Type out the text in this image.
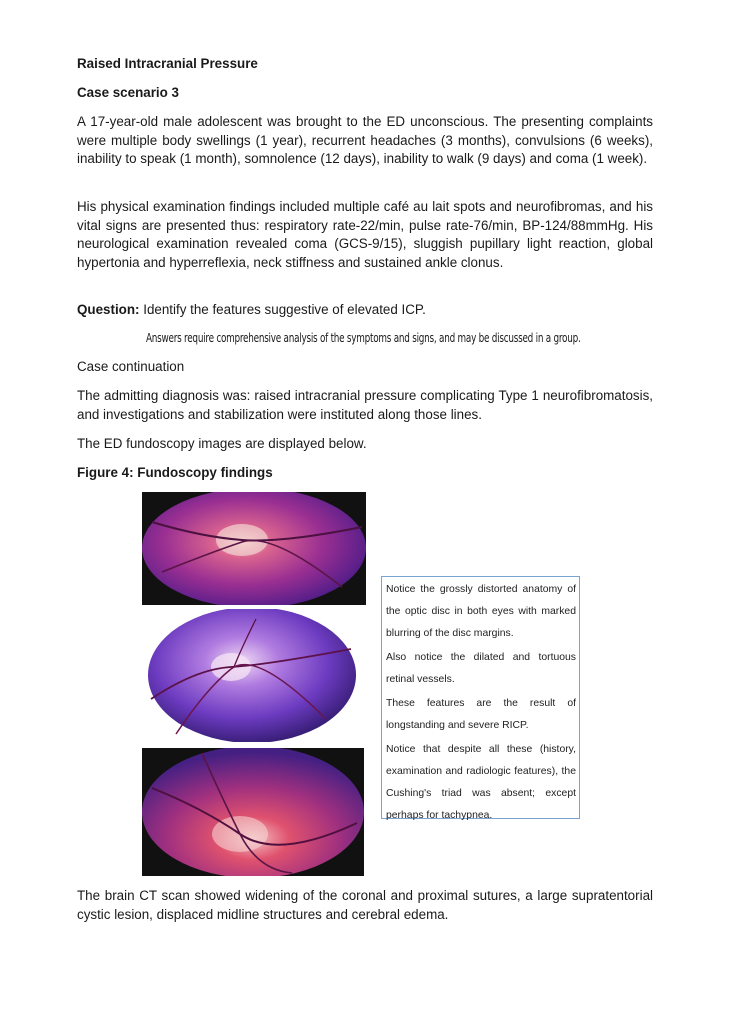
Raised Intracranial Pressure

Case scenario 3

A 17-year-old male adolescent was brought to the ED unconscious. The presenting complaints were multiple body swellings (1 year), recurrent headaches (3 months), convulsions (6 weeks), inability to speak (1 month), somnolence (12 days), inability to walk (9 days) and coma (1 week).

His physical examination findings included multiple café au lait spots and neurofibromas, and his vital signs are presented thus: respiratory rate-22/min, pulse rate-76/min, BP-124/88mmHg. His neurological examination revealed coma (GCS-9/15), sluggish pupillary light reaction, global hypertonia and hyperreflexia, neck stiffness and sustained ankle clonus.

Question: Identify the features suggestive of elevated ICP.

Answers require comprehensive analysis of the symptoms and signs, and may be discussed in a group.

Case continuation

The admitting diagnosis was: raised intracranial pressure complicating Type 1 neurofibromatosis, and investigations and stabilization were instituted along those lines.

The ED fundoscopy images are displayed below.

Figure 4: Fundoscopy findings

Notice the grossly distorted anatomy of the optic disc in both eyes with marked blurring of the disc margins.

Also notice the dilated and tortuous retinal vessels.

These features are the result of longstanding and severe RICP.

Notice that despite all these (history, examination and radiologic features), the Cushing's triad was absent; except perhaps for tachypnea.

The brain CT scan showed widening of the coronal and proximal sutures, a large supratentorial cystic lesion, displaced midline structures and cerebral edema.
